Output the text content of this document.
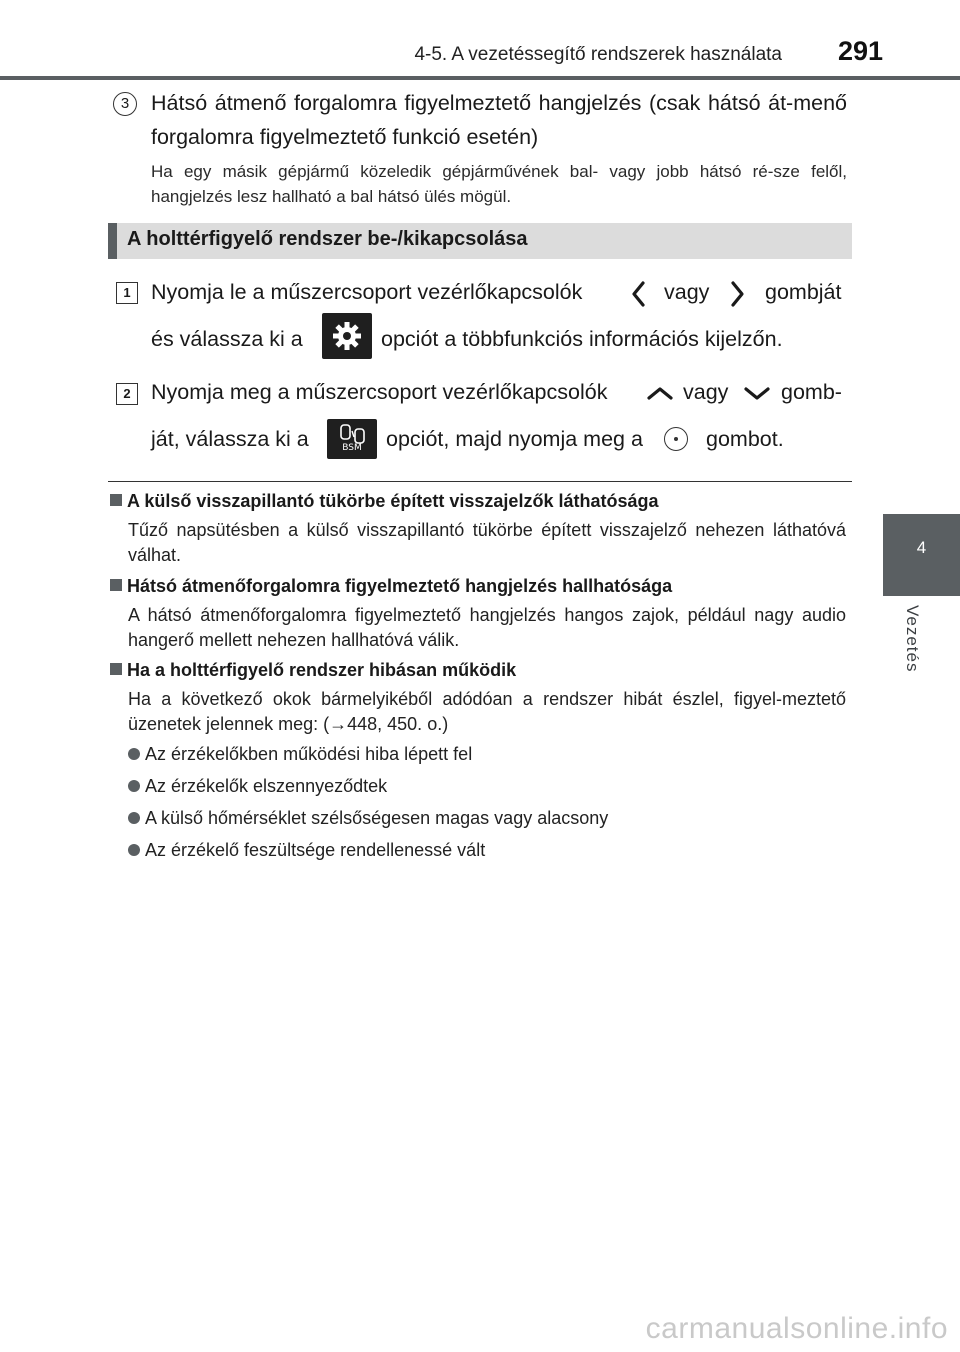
4-5. A vezetéssegítő rendszerek használata 291
4
Vezetés
3	Hátsó átmenő forgalomra figyelmeztető hangjelzés (csak hátsó át-menő forgalomra figyelmeztető funkció esetén)
Ha egy másik gépjármű közeledik gépjárművének bal- vagy jobb hátsó ré-sze felől, hangjelzés lesz hallható a bal hátsó ülés mögül.
A holttérfigyelő rendszer be-/kikapcsolása
1 Nyomja le a műszercsoport vezérlőkapcsolók	vagy	gombját
és válassza ki a	opciót a többfunkciós információs kijelzőn.
2 Nyomja meg a műszercsoport vezérlőkapcsolók	vagy gomb-
ját, válassza ki a	BSM	opciót, majd nyomja meg a	gombot.
A külső visszapillantó tükörbe épített visszajelzők láthatósága
Tűző napsütésben a külső visszapillantó tükörbe épített visszajelző nehezen láthatóvá válhat.
Hátsó átmenőforgalomra figyelmeztető hangjelzés hallhatósága
A hátsó átmenőforgalomra figyelmeztető hangjelzés hangos zajok, például nagy audio hangerő mellett nehezen hallhatóvá válik.
Ha a holttérfigyelő rendszer hibásan működik
Ha a következő okok bármelyikéből adódóan a rendszer hibát észlel, figyel-meztető üzenetek jelennek meg: (→448, 450. o.)
Az érzékelőkben működési hiba lépett fel
Az érzékelők elszennyeződtek
A külső hőmérséklet szélsőségesen magas vagy alacsony
Az érzékelő feszültsége rendellenessé vált
carmanualsonline.info
